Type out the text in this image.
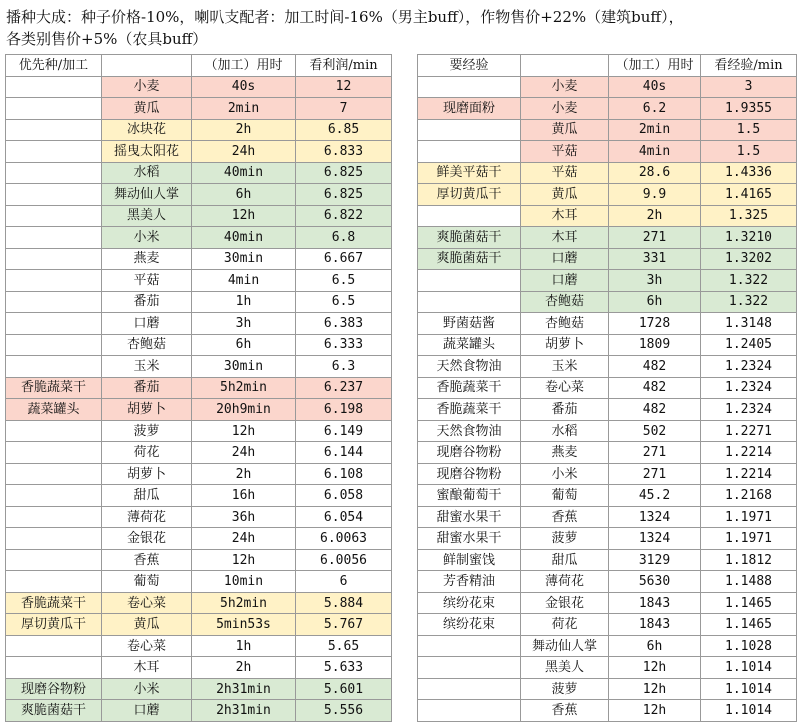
播种大成：种子价格-10%，喇叭支配者：加工时间-16%（男主buff），作物售价+22%（建筑buff），
各类别售价+5%（农具buff）
优先种/加工		（加工）用时	看利润/min
	小麦	40s	12
	黄瓜	2min	7
	冰块花	2h	6.85
	摇曳太阳花	24h	6.833
	水稻	40min	6.825
	舞动仙人掌	6h	6.825
	黑美人	12h	6.822
	小米	40min	6.8
	燕麦	30min	6.667
	平菇	4min	6.5
	番茄	1h	6.5
	口蘑	3h	6.383
	杏鲍菇	6h	6.333
	玉米	30min	6.3
香脆蔬菜干	番茄	5h2min	6.237
蔬菜罐头	胡萝卜	20h9min	6.198
	菠萝	12h	6.149
	荷花	24h	6.144
	胡萝卜	2h	6.108
	甜瓜	16h	6.058
	薄荷花	36h	6.054
	金银花	24h	6.0063
	香蕉	12h	6.0056
	葡萄	10min	6
香脆蔬菜干	卷心菜	5h2min	5.884
厚切黄瓜干	黄瓜	5min53s	5.767
	卷心菜	1h	5.65
	木耳	2h	5.633
现磨谷物粉	小米	2h31min	5.601
爽脆菌菇干	口蘑	2h31min	5.556
要经验		（加工）用时	看经验/min
	小麦	40s	3
现磨面粉	小麦	6.2	1.9355
	黄瓜	2min	1.5
	平菇	4min	1.5
鲜美平菇干	平菇	28.6	1.4336
厚切黄瓜干	黄瓜	9.9	1.4165
	木耳	2h	1.325
爽脆菌菇干	木耳	271	1.3210
爽脆菌菇干	口蘑	331	1.3202
	口蘑	3h	1.322
	杏鲍菇	6h	1.322
野菌菇酱	杏鲍菇	1728	1.3148
蔬菜罐头	胡萝卜	1809	1.2405
天然食物油	玉米	482	1.2324
香脆蔬菜干	卷心菜	482	1.2324
香脆蔬菜干	番茄	482	1.2324
天然食物油	水稻	502	1.2271
现磨谷物粉	燕麦	271	1.2214
现磨谷物粉	小米	271	1.2214
蜜酿葡萄干	葡萄	45.2	1.2168
甜蜜水果干	香蕉	1324	1.1971
甜蜜水果干	菠萝	1324	1.1971
鲜制蜜饯	甜瓜	3129	1.1812
芳香精油	薄荷花	5630	1.1488
缤纷花束	金银花	1843	1.1465
缤纷花束	荷花	1843	1.1465
	舞动仙人掌	6h	1.1028
	黑美人	12h	1.1014
	菠萝	12h	1.1014
	香蕉	12h	1.1014
